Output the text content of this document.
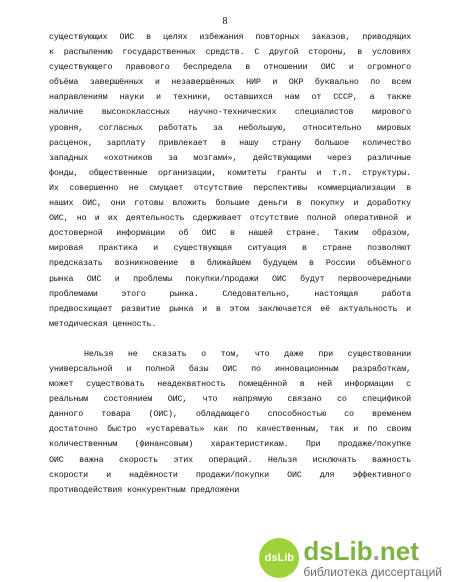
8
существующих ОИС в целях избежания повторных заказов, приводящих
к распылению государственных средств. С другой стороны, в условиях
существующего правового беспредела в отношении ОИС и огромного
объёма завершённых и незавершённых НИР и ОКР буквально по всем
направлениям науки и техники, оставшихся нам от СССР, а также
наличие высококлассных научно-технических специалистов мирового
уровня, согласных работать за небольшую, относительно мировых
расценок, зарплату привлекает в нашу страну большое количество
западных «охотников за мозгами», действующими через различные
фонды, общественные организации, комитеты гранты и т.п. структуры.
Их совершенно не смущает отсутствие перспективы коммерциализации в
наших ОИС, они готовы вложить большие деньги в покупку и доработку
ОИС, но и их деятельность сдерживает отсутствие полной оперативной и
достоверной информации об ОИС в нашей стране. Таким образом,
мировая практика и существующая ситуация в стране позволяют
предсказать возникновение в ближайшем будущем в России объёмного
рынка ОИС и проблемы покупки/продажи ОИС будут первоочередными
проблемами этого рынка. Следовательно, настоящая работа
предвосхищает развитие рынка и в этом заключается её актуальность и
методическая ценность.
Нельзя не сказать о том, что даже при существовании
универсальной и полной базы ОИС по инновационным разработкам,
может существовать неадекватность помещённой в ней информации с
реальным состоянием ОИС, что напрямую связано со спецификой
данного товара (ОИС), обладающего способностью со временем
достаточно быстро «устаревать» как по качественным, так и по своим
количественным (финансовым) характеристикам. При продаже/покупке
ОИС важна скорость этих операций. Нельзя исключать важность
скорости и надёжности продажи/покупки ОИС для эффективного
противодействия конкурентным предложени
dsLib dsLib.net
библиотека диссертаций
